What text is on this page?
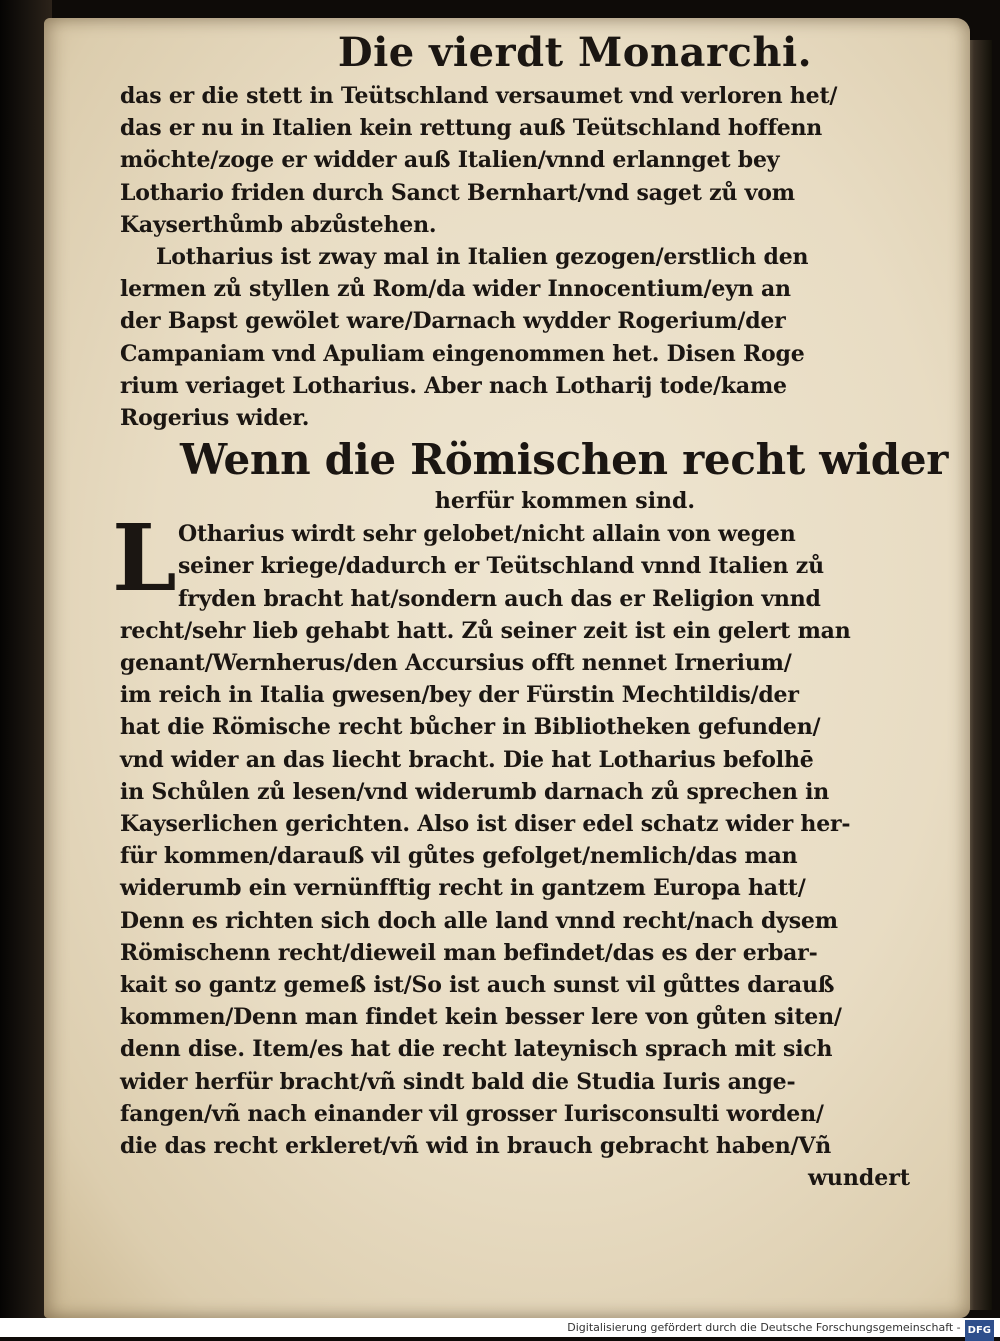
Die vierdt Monarchi.
das er die stett in Teütschland versaumet vnd verloren het/
das er nu in Italien kein rettung auß Teütschland hoffenn
möchte/zoge er widder auß Italien/vnnd erlannget bey
Lothario friden durch Sanct Bernhart/vnd saget zů vom
Kayserthůmb abzůstehen.
Lotharius ist zway mal in Italien gezogen/erstlich den
lermen zů styllen zů Rom/da wider Innocentium/eyn an
der Bapst gewölet ware/Darnach wydder Rogerium/der
Campaniam vnd Apuliam eingenommen het. Disen Roge
rium veriaget Lotharius. Aber nach Lotharij tode/kame
Rogerius wider.
Wenn die Römischen recht wider
herfür kommen sind.
L Otharius wirdt sehr gelobet/nicht allain von wegen
seiner kriege/dadurch er Teütschland vnnd Italien zů
fryden bracht hat/sondern auch das er Religion vnnd
recht/sehr lieb gehabt hatt. Zů seiner zeit ist ein gelert man
genant/Wernherus/den Accursius offt nennet Irnerium/
im reich in Italia gwesen/bey der Fürstin Mechtildis/der
hat die Römische recht bůcher in Bibliotheken gefunden/
vnd wider an das liecht bracht. Die hat Lotharius befolhē
in Schůlen zů lesen/vnd widerumb darnach zů sprechen in
Kayserlichen gerichten. Also ist diser edel schatz wider her-
für kommen/darauß vil gůtes gefolget/nemlich/das man
widerumb ein vernünfftig recht in gantzem Europa hatt/
Denn es richten sich doch alle land vnnd recht/nach dysem
Römischenn recht/dieweil man befindet/das es der erbar-
kait so gantz gemeß ist/So ist auch sunst vil gůttes darauß
kommen/Denn man findet kein besser lere von gůten siten/
denn dise. Item/es hat die recht lateynisch sprach mit sich
wider herfür bracht/vñ sindt bald die Studia Iuris ange-
fangen/vñ nach einander vil grosser Iurisconsulti worden/
die das recht erkleret/vñ wid in brauch gebracht haben/Vñ
wundert
Digitalisierung gefördert durch die Deutsche Forschungsgemeinschaft - DFG
